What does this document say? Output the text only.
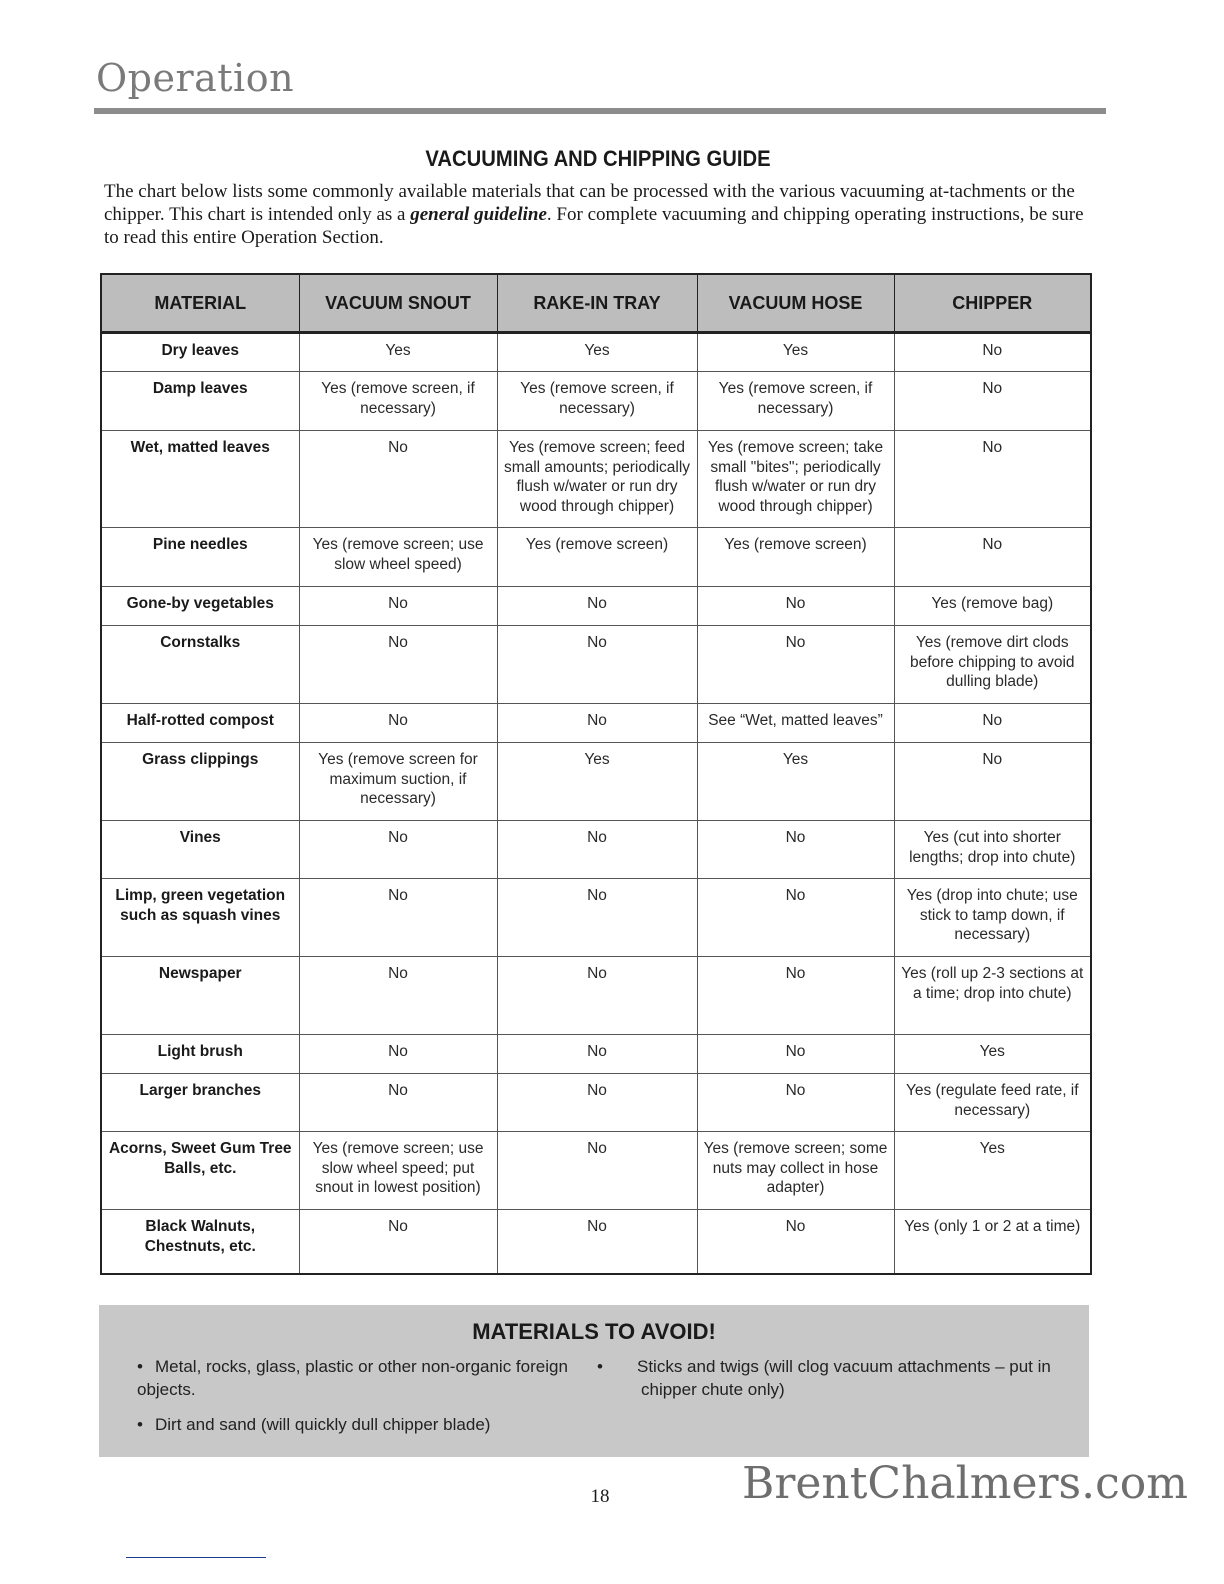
Operation
VACUUMING AND CHIPPING GUIDE
The chart below lists some commonly available materials that can be processed with the various vacuuming at-tachments or the chipper. This chart is intended only as a general guideline. For complete vacuuming and chipping operating instructions, be sure to read this entire Operation Section.
MATERIAL	VACUUM SNOUT	RAKE-IN TRAY	VACUUM HOSE	CHIPPER
Dry leaves	Yes	Yes	Yes	No
Damp leaves	Yes (remove screen, if necessary)	Yes (remove screen, if necessary)	Yes (remove screen, if necessary)	No
Wet, matted leaves	No	Yes (remove screen; feed small amounts; periodically flush w/water or run dry wood through chipper)	Yes (remove screen; take small "bites"; periodically flush w/water or run dry wood through chipper)	No
Pine needles	Yes (remove screen; use slow wheel speed)	Yes (remove screen)	Yes (remove screen)	No
Gone-by vegetables	No	No	No	Yes (remove bag)
Cornstalks	No	No	No	Yes (remove dirt clods before chipping to avoid dulling blade)
Half-rotted compost	No	No	See “Wet, matted leaves”	No
Grass clippings	Yes (remove screen for maximum suction, if necessary)	Yes	Yes	No
Vines	No	No	No	Yes (cut into shorter lengths; drop into chute)
Limp, green vegetation such as squash vines	No	No	No	Yes (drop into chute; use stick to tamp down, if necessary)
Newspaper	No	No	No	Yes (roll up 2-3 sections at a time; drop into chute)
Light brush	No	No	No	Yes
Larger branches	No	No	No	Yes (regulate feed rate, if necessary)
Acorns, Sweet Gum Tree Balls, etc.	Yes (remove screen; use slow wheel speed; put snout in lowest position)	No	Yes (remove screen; some nuts may collect in hose adapter)	Yes
Black Walnuts, Chestnuts, etc.	No	No	No	Yes (only 1 or 2 at a time)
MATERIALS TO AVOID!
• Metal, rocks, glass, plastic or other non-organic foreign objects.
• Dirt and sand (will quickly dull chipper blade)
• Sticks and twigs (will clog vacuum attachments – put in chipper chute only)
18	BrentChalmers.com
